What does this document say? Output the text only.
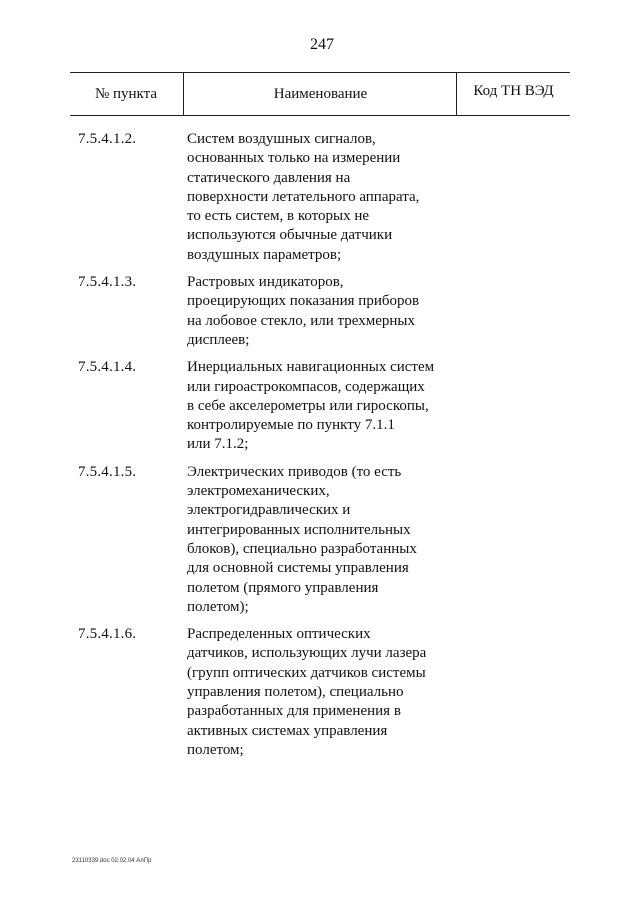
247
№ пункта	Наименование	Код ТН ВЭД
7.5.4.1.2.	Систем воздушных сигналов,
основанных только на измерении
статического давления на
поверхности летательного аппарата,
то есть систем, в которых не
используются обычные датчики
воздушных параметров;
7.5.4.1.3.	Растровых индикаторов,
проецирующих показания приборов
на лобовое стекло, или трехмерных
дисплеев;
7.5.4.1.4.	Инерциальных навигационных систем
или гироастрокомпасов, содержащих
в себе акселерометры или гироскопы,
контролируемые по пункту 7.1.1
или 7.1.2;
7.5.4.1.5.	Электрических приводов (то есть
электромеханических,
электрогидравлических и
интегрированных исполнительных
блоков), специально разработанных
для основной системы управления
полетом (прямого управления
полетом);
7.5.4.1.6.	Распределенных оптических
датчиков, использующих лучи лазера
(групп оптических датчиков системы
управления полетом), специально
разработанных для применения в
активных системах управления
полетом;
23110339.doc 02.02.04 АлПр
